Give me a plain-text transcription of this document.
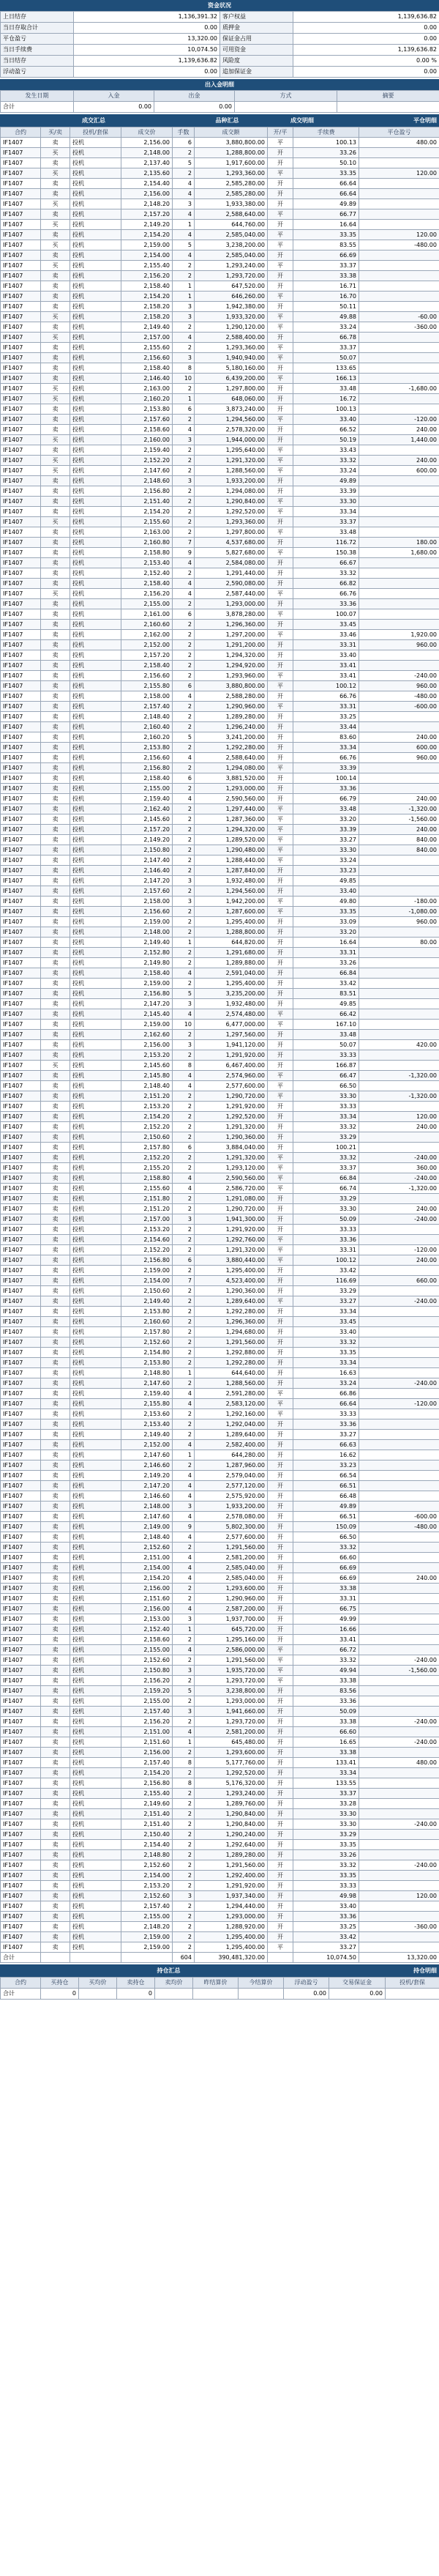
资金状况
上日结存	1,136,391.32	客户权益	1,139,636.82
当日存取合计	0.00	质押金	0.00
平仓盈亏	13,320.00	保证金占用	0.00
当日手续费	10,074.50	可用资金	1,139,636.82
当日结存	1,139,636.82	风险度	0.00 %
浮动盈亏	0.00	追加保证金	0.00
出入金明细
发生日期	入金	出金	方式	摘要
合计	0.00	0.00		
成交汇总	品种汇总	成交明细	平仓明细
合约	买/卖	投机/套保	成交价	手数	成交额	开/平	手续费	平仓盈亏
IF1407	卖	投机	2,156.00	6	3,880,800.00	平	100.13	480.00
IF1407	买	投机	2,148.00	2	1,288,800.00	开	33.26	
IF1407	卖	投机	2,137.40	5	1,917,600.00	开	50.10	
IF1407	买	投机	2,135.60	2	1,293,360.00	平	33.35	120.00
IF1407	卖	投机	2,154.40	4	2,585,280.00	开	66.64	
IF1407	卖	投机	2,156.00	4	2,585,280.00	开	66.64	
IF1407	买	投机	2,148.20	3	1,933,380.00	开	49.89	
IF1407	卖	投机	2,157.20	4	2,588,640.00	平	66.77	
IF1407	买	投机	2,149.20	1	644,760.00	开	16.64	
IF1407	卖	投机	2,154.20	4	2,585,040.00	平	33.35	120.00
IF1407	买	投机	2,159.00	5	3,238,200.00	平	83.55	-480.00
IF1407	卖	投机	2,154.00	4	2,585,040.00	开	66.69	
IF1407	买	投机	2,155.40	2	1,293,240.00	平	33.37	
IF1407	卖	投机	2,156.20	2	1,293,720.00	开	33.38	
IF1407	卖	投机	2,158.40	1	647,520.00	开	16.71	
IF1407	卖	投机	2,154.20	1	646,260.00	平	16.70	
IF1407	卖	投机	2,158.20	3	1,942,380.00	开	50.11	
IF1407	买	投机	2,158.20	3	1,933,320.00	平	49.88	-60.00
IF1407	卖	投机	2,149.40	2	1,290,120.00	平	33.24	-360.00
IF1407	买	投机	2,157.00	4	2,588,400.00	开	66.78	
IF1407	卖	投机	2,155.60	2	1,293,360.00	平	33.37	
IF1407	卖	投机	2,156.60	3	1,940,940.00	平	50.07	
IF1407	卖	投机	2,158.40	8	5,180,160.00	开	133.65	
IF1407	卖	投机	2,146.40	10	6,439,200.00	平	166.13	
IF1407	买	投机	2,163.00	2	1,297,800.00	开	33.48	-1,680.00
IF1407	买	投机	2,160.20	1	648,060.00	开	16.72	
IF1407	卖	投机	2,153.80	6	3,873,240.00	开	100.13	
IF1407	卖	投机	2,157.60	2	1,294,560.00	平	33.40	-120.00
IF1407	卖	投机	2,158.60	4	2,578,320.00	开	66.52	240.00
IF1407	买	投机	2,160.00	3	1,944,000.00	开	50.19	1,440.00
IF1407	卖	投机	2,159.40	2	1,295,640.00	平	33.43	
IF1407	买	投机	2,152.20	2	1,291,320.00	平	33.32	240.00
IF1407	买	投机	2,147.60	2	1,288,560.00	平	33.24	600.00
IF1407	卖	投机	2,148.60	3	1,933,200.00	开	49.89	
IF1407	卖	投机	2,156.80	2	1,294,080.00	开	33.39	
IF1407	卖	投机	2,151.40	2	1,290,840.00	平	33.30	
IF1407	卖	投机	2,154.20	2	1,292,520.00	平	33.34	
IF1407	买	投机	2,155.60	2	1,293,360.00	开	33.37	
IF1407	卖	投机	2,163.00	2	1,297,800.00	平	33.48	
IF1407	卖	投机	2,160.80	7	4,537,680.00	开	116.72	180.00
IF1407	卖	投机	2,158.80	9	5,827,680.00	平	150.38	1,680.00
IF1407	卖	投机	2,153.40	4	2,584,080.00	开	66.67	
IF1407	卖	投机	2,152.40	2	1,291,440.00	开	33.32	
IF1407	卖	投机	2,158.40	4	2,590,080.00	开	66.82	
IF1407	买	投机	2,156.20	4	2,587,440.00	平	66.76	
IF1407	卖	投机	2,155.00	2	1,293,000.00	开	33.36	
IF1407	卖	投机	2,161.00	6	3,878,280.00	平	100.07	
IF1407	卖	投机	2,160.60	2	1,296,360.00	开	33.45	
IF1407	卖	投机	2,162.00	2	1,297,200.00	平	33.46	1,920.00
IF1407	卖	投机	2,152.00	2	1,291,200.00	开	33.31	960.00
IF1407	卖	投机	2,157.20	2	1,294,320.00	开	33.40	
IF1407	卖	投机	2,158.40	2	1,294,920.00	开	33.41	
IF1407	卖	投机	2,156.60	2	1,293,960.00	平	33.41	-240.00
IF1407	卖	投机	2,155.80	6	3,880,800.00	平	100.12	960.00
IF1407	卖	投机	2,158.00	4	2,588,280.00	开	66.76	-480.00
IF1407	卖	投机	2,157.40	2	1,290,960.00	平	33.31	-600.00
IF1407	卖	投机	2,148.40	2	1,289,280.00	开	33.25	
IF1407	卖	投机	2,160.40	2	1,296,240.00	开	33.44	
IF1407	卖	投机	2,160.20	5	3,241,200.00	开	83.60	240.00
IF1407	卖	投机	2,153.80	2	1,292,280.00	开	33.34	600.00
IF1407	卖	投机	2,156.60	4	2,588,640.00	开	66.76	960.00
IF1407	卖	投机	2,156.80	2	1,294,080.00	平	33.39	
IF1407	卖	投机	2,158.40	6	3,881,520.00	开	100.14	
IF1407	卖	投机	2,155.00	2	1,293,000.00	开	33.36	
IF1407	卖	投机	2,159.40	4	2,590,560.00	开	66.79	240.00
IF1407	卖	投机	2,162.40	2	1,297,440.00	平	33.48	-1,320.00
IF1407	卖	投机	2,145.60	2	1,287,360.00	平	33.20	-1,560.00
IF1407	卖	投机	2,157.20	2	1,294,320.00	平	33.39	240.00
IF1407	卖	投机	2,149.20	2	1,289,520.00	平	33.27	840.00
IF1407	卖	投机	2,150.80	2	1,290,480.00	平	33.30	840.00
IF1407	卖	投机	2,147.40	2	1,288,440.00	平	33.24	
IF1407	卖	投机	2,146.40	2	1,287,840.00	开	33.23	
IF1407	卖	投机	2,147.20	3	1,932,480.00	开	49.85	
IF1407	卖	投机	2,157.60	2	1,294,560.00	开	33.40	
IF1407	卖	投机	2,158.00	3	1,942,200.00	平	49.80	-180.00
IF1407	卖	投机	2,156.60	2	1,287,600.00	平	33.35	-1,080.00
IF1407	卖	投机	2,159.00	2	1,295,400.00	开	33.09	960.00
IF1407	卖	投机	2,148.00	2	1,288,800.00	开	33.20	
IF1407	卖	投机	2,149.40	1	644,820.00	开	16.64	80.00
IF1407	卖	投机	2,152.80	2	1,291,680.00	开	33.31	
IF1407	卖	投机	2,149.80	2	1,289,880.00	开	33.26	
IF1407	卖	投机	2,158.40	4	2,591,040.00	开	66.84	
IF1407	卖	投机	2,159.00	2	1,295,400.00	开	33.42	
IF1407	卖	投机	2,156.80	5	3,235,200.00	开	83.51	
IF1407	卖	投机	2,147.20	3	1,932,480.00	开	49.85	
IF1407	卖	投机	2,145.40	4	2,574,480.00	平	66.42	
IF1407	卖	投机	2,159.00	10	6,477,000.00	平	167.10	
IF1407	卖	投机	2,162.60	2	1,297,560.00	开	33.48	
IF1407	卖	投机	2,156.00	3	1,941,120.00	开	50.07	420.00
IF1407	卖	投机	2,153.20	2	1,291,920.00	开	33.33	
IF1407	买	投机	2,145.60	8	6,467,400.00	开	166.87	
IF1407	卖	投机	2,145.80	4	2,574,960.00	平	66.47	-1,320.00
IF1407	卖	投机	2,148.40	4	2,577,600.00	平	66.50	
IF1407	卖	投机	2,151.20	2	1,290,720.00	平	33.30	-1,320.00
IF1407	卖	投机	2,153.20	2	1,291,920.00	开	33.33	
IF1407	卖	投机	2,154.20	2	1,292,520.00	开	33.34	120.00
IF1407	卖	投机	2,152.20	2	1,291,320.00	开	33.32	240.00
IF1407	卖	投机	2,150.60	2	1,290,360.00	开	33.29	
IF1407	卖	投机	2,157.80	6	3,884,040.00	开	100.21	
IF1407	卖	投机	2,152.20	2	1,291,320.00	平	33.32	-240.00
IF1407	卖	投机	2,155.20	2	1,293,120.00	平	33.37	360.00
IF1407	卖	投机	2,158.80	4	2,590,560.00	平	66.84	-240.00
IF1407	卖	投机	2,155.60	4	2,586,720.00	平	66.74	-1,320.00
IF1407	卖	投机	2,151.80	2	1,291,080.00	开	33.29	
IF1407	卖	投机	2,151.20	2	1,290,720.00	开	33.30	240.00
IF1407	卖	投机	2,157.00	3	1,941,300.00	开	50.09	-240.00
IF1407	卖	投机	2,153.20	2	1,291,920.00	开	33.33	
IF1407	卖	投机	2,154.60	2	1,292,760.00	平	33.36	
IF1407	卖	投机	2,152.20	2	1,291,320.00	平	33.31	-120.00
IF1407	卖	投机	2,156.80	6	3,880,440.00	平	100.12	240.00
IF1407	卖	投机	2,159.00	2	1,295,400.00	开	33.42	
IF1407	卖	投机	2,154.00	7	4,523,400.00	开	116.69	660.00
IF1407	卖	投机	2,150.60	2	1,290,360.00	开	33.29	
IF1407	卖	投机	2,149.40	2	1,289,640.00	平	33.27	-240.00
IF1407	卖	投机	2,153.80	2	1,292,280.00	开	33.34	
IF1407	卖	投机	2,160.60	2	1,296,360.00	开	33.45	
IF1407	卖	投机	2,157.80	2	1,294,680.00	开	33.40	
IF1407	卖	投机	2,152.60	2	1,291,560.00	开	33.32	
IF1407	卖	投机	2,154.80	2	1,292,880.00	开	33.35	
IF1407	卖	投机	2,153.80	2	1,292,280.00	开	33.34	
IF1407	卖	投机	2,148.80	1	644,640.00	开	16.63	
IF1407	卖	投机	2,147.60	2	1,288,560.00	开	33.24	-240.00
IF1407	卖	投机	2,159.40	4	2,591,280.00	平	66.86	
IF1407	卖	投机	2,155.80	4	2,583,120.00	平	66.64	-120.00
IF1407	卖	投机	2,153.60	2	1,292,160.00	平	33.33	
IF1407	卖	投机	2,153.40	2	1,292,040.00	开	33.36	
IF1407	卖	投机	2,149.40	2	1,289,640.00	开	33.27	
IF1407	卖	投机	2,152.00	4	2,582,400.00	开	66.63	
IF1407	卖	投机	2,147.60	1	644,280.00	开	16.62	
IF1407	卖	投机	2,146.60	2	1,287,960.00	开	33.23	
IF1407	卖	投机	2,149.20	4	2,579,040.00	开	66.54	
IF1407	卖	投机	2,147.20	4	2,577,120.00	开	66.51	
IF1407	卖	投机	2,146.60	4	2,575,920.00	开	66.48	
IF1407	卖	投机	2,148.00	3	1,933,200.00	开	49.89	
IF1407	卖	投机	2,147.60	4	2,578,080.00	开	66.51	-600.00
IF1407	卖	投机	2,149.00	9	5,802,300.00	开	150.09	-480.00
IF1407	卖	投机	2,148.40	4	2,577,600.00	开	66.50	
IF1407	卖	投机	2,152.60	2	1,291,560.00	开	33.32	
IF1407	卖	投机	2,151.00	4	2,581,200.00	开	66.60	
IF1407	卖	投机	2,154.00	4	2,585,040.00	开	66.69	
IF1407	卖	投机	2,154.20	4	2,585,040.00	开	66.69	240.00
IF1407	卖	投机	2,156.00	2	1,293,600.00	开	33.38	
IF1407	卖	投机	2,151.60	2	1,290,960.00	开	33.31	
IF1407	卖	投机	2,156.00	4	2,587,200.00	开	66.75	
IF1407	卖	投机	2,153.00	3	1,937,700.00	开	49.99	
IF1407	卖	投机	2,152.40	1	645,720.00	开	16.66	
IF1407	卖	投机	2,158.60	2	1,295,160.00	开	33.41	
IF1407	卖	投机	2,155.00	4	2,586,000.00	平	66.72	
IF1407	卖	投机	2,152.60	2	1,291,560.00	平	33.32	-240.00
IF1407	卖	投机	2,150.80	3	1,935,720.00	平	49.94	-1,560.00
IF1407	卖	投机	2,156.20	2	1,293,720.00	平	33.38	
IF1407	卖	投机	2,159.20	5	3,238,800.00	开	83.56	
IF1407	卖	投机	2,155.00	2	1,293,000.00	开	33.36	
IF1407	卖	投机	2,157.40	3	1,941,660.00	开	50.09	
IF1407	卖	投机	2,156.20	2	1,293,720.00	开	33.38	-240.00
IF1407	卖	投机	2,151.00	4	2,581,200.00	开	66.60	
IF1407	卖	投机	2,151.60	1	645,480.00	开	16.65	-240.00
IF1407	卖	投机	2,156.00	2	1,293,600.00	开	33.38	
IF1407	卖	投机	2,157.40	8	5,177,760.00	开	133.41	480.00
IF1407	卖	投机	2,154.20	2	1,292,520.00	开	33.34	
IF1407	卖	投机	2,156.80	8	5,176,320.00	开	133.55	
IF1407	卖	投机	2,155.40	2	1,293,240.00	开	33.37	
IF1407	卖	投机	2,149.60	2	1,289,760.00	开	33.28	
IF1407	卖	投机	2,151.40	2	1,290,840.00	开	33.30	
IF1407	卖	投机	2,151.40	2	1,290,840.00	开	33.30	-240.00
IF1407	卖	投机	2,150.40	2	1,290,240.00	开	33.29	
IF1407	卖	投机	2,154.40	2	1,292,640.00	开	33.35	
IF1407	卖	投机	2,148.80	2	1,289,280.00	开	33.26	
IF1407	卖	投机	2,152.60	2	1,291,560.00	开	33.32	-240.00
IF1407	卖	投机	2,154.00	2	1,292,400.00	开	33.35	
IF1407	卖	投机	2,153.20	2	1,291,920.00	开	33.33	
IF1407	卖	投机	2,152.60	3	1,937,340.00	开	49.98	120.00
IF1407	卖	投机	2,157.40	2	1,294,440.00	开	33.40	
IF1407	卖	投机	2,155.00	2	1,293,000.00	开	33.36	
IF1407	卖	投机	2,148.20	2	1,288,920.00	开	33.25	-360.00
IF1407	卖	投机	2,159.00	2	1,295,400.00	开	33.42	
IF1407	卖	投机	2,159.00	2	1,295,400.00	平	33.27	
合计				604	390,481,320.00		10,074.50	13,320.00
持仓汇总	持仓明细
合约	买持仓	买均价	卖持仓	卖均价	昨结算价	今结算价	浮动盈亏	交易保证金	投机/套保
合计	0		0				0.00	0.00	
